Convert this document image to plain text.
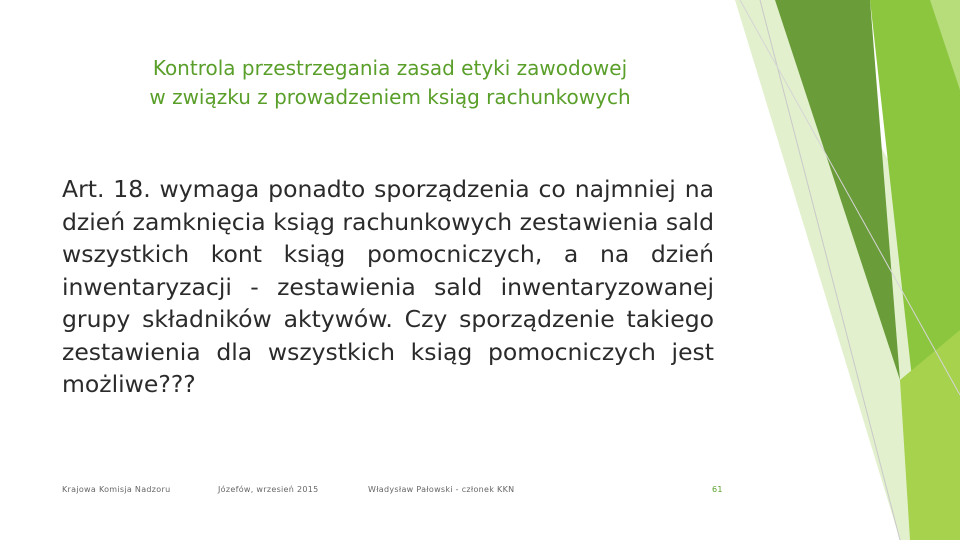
Kontrola przestrzegania zasad etyki zawodowej
w związku z prowadzeniem ksiąg rachunkowych
Art. 18. wymaga ponadto sporządzenia co najmniej na dzień zamknięcia ksiąg rachunkowych zestawienia sald wszystkich kont ksiąg pomocniczych, a na dzień inwentaryzacji - zestawienia sald inwentaryzowanej grupy składników aktywów. Czy sporządzenie takiego zestawienia dla wszystkich ksiąg pomocniczych jest możliwe???
Krajowa Komisja Nadzoru	Józefów, wrzesień 2015	Władysław Pałowski - członek KKN	61
